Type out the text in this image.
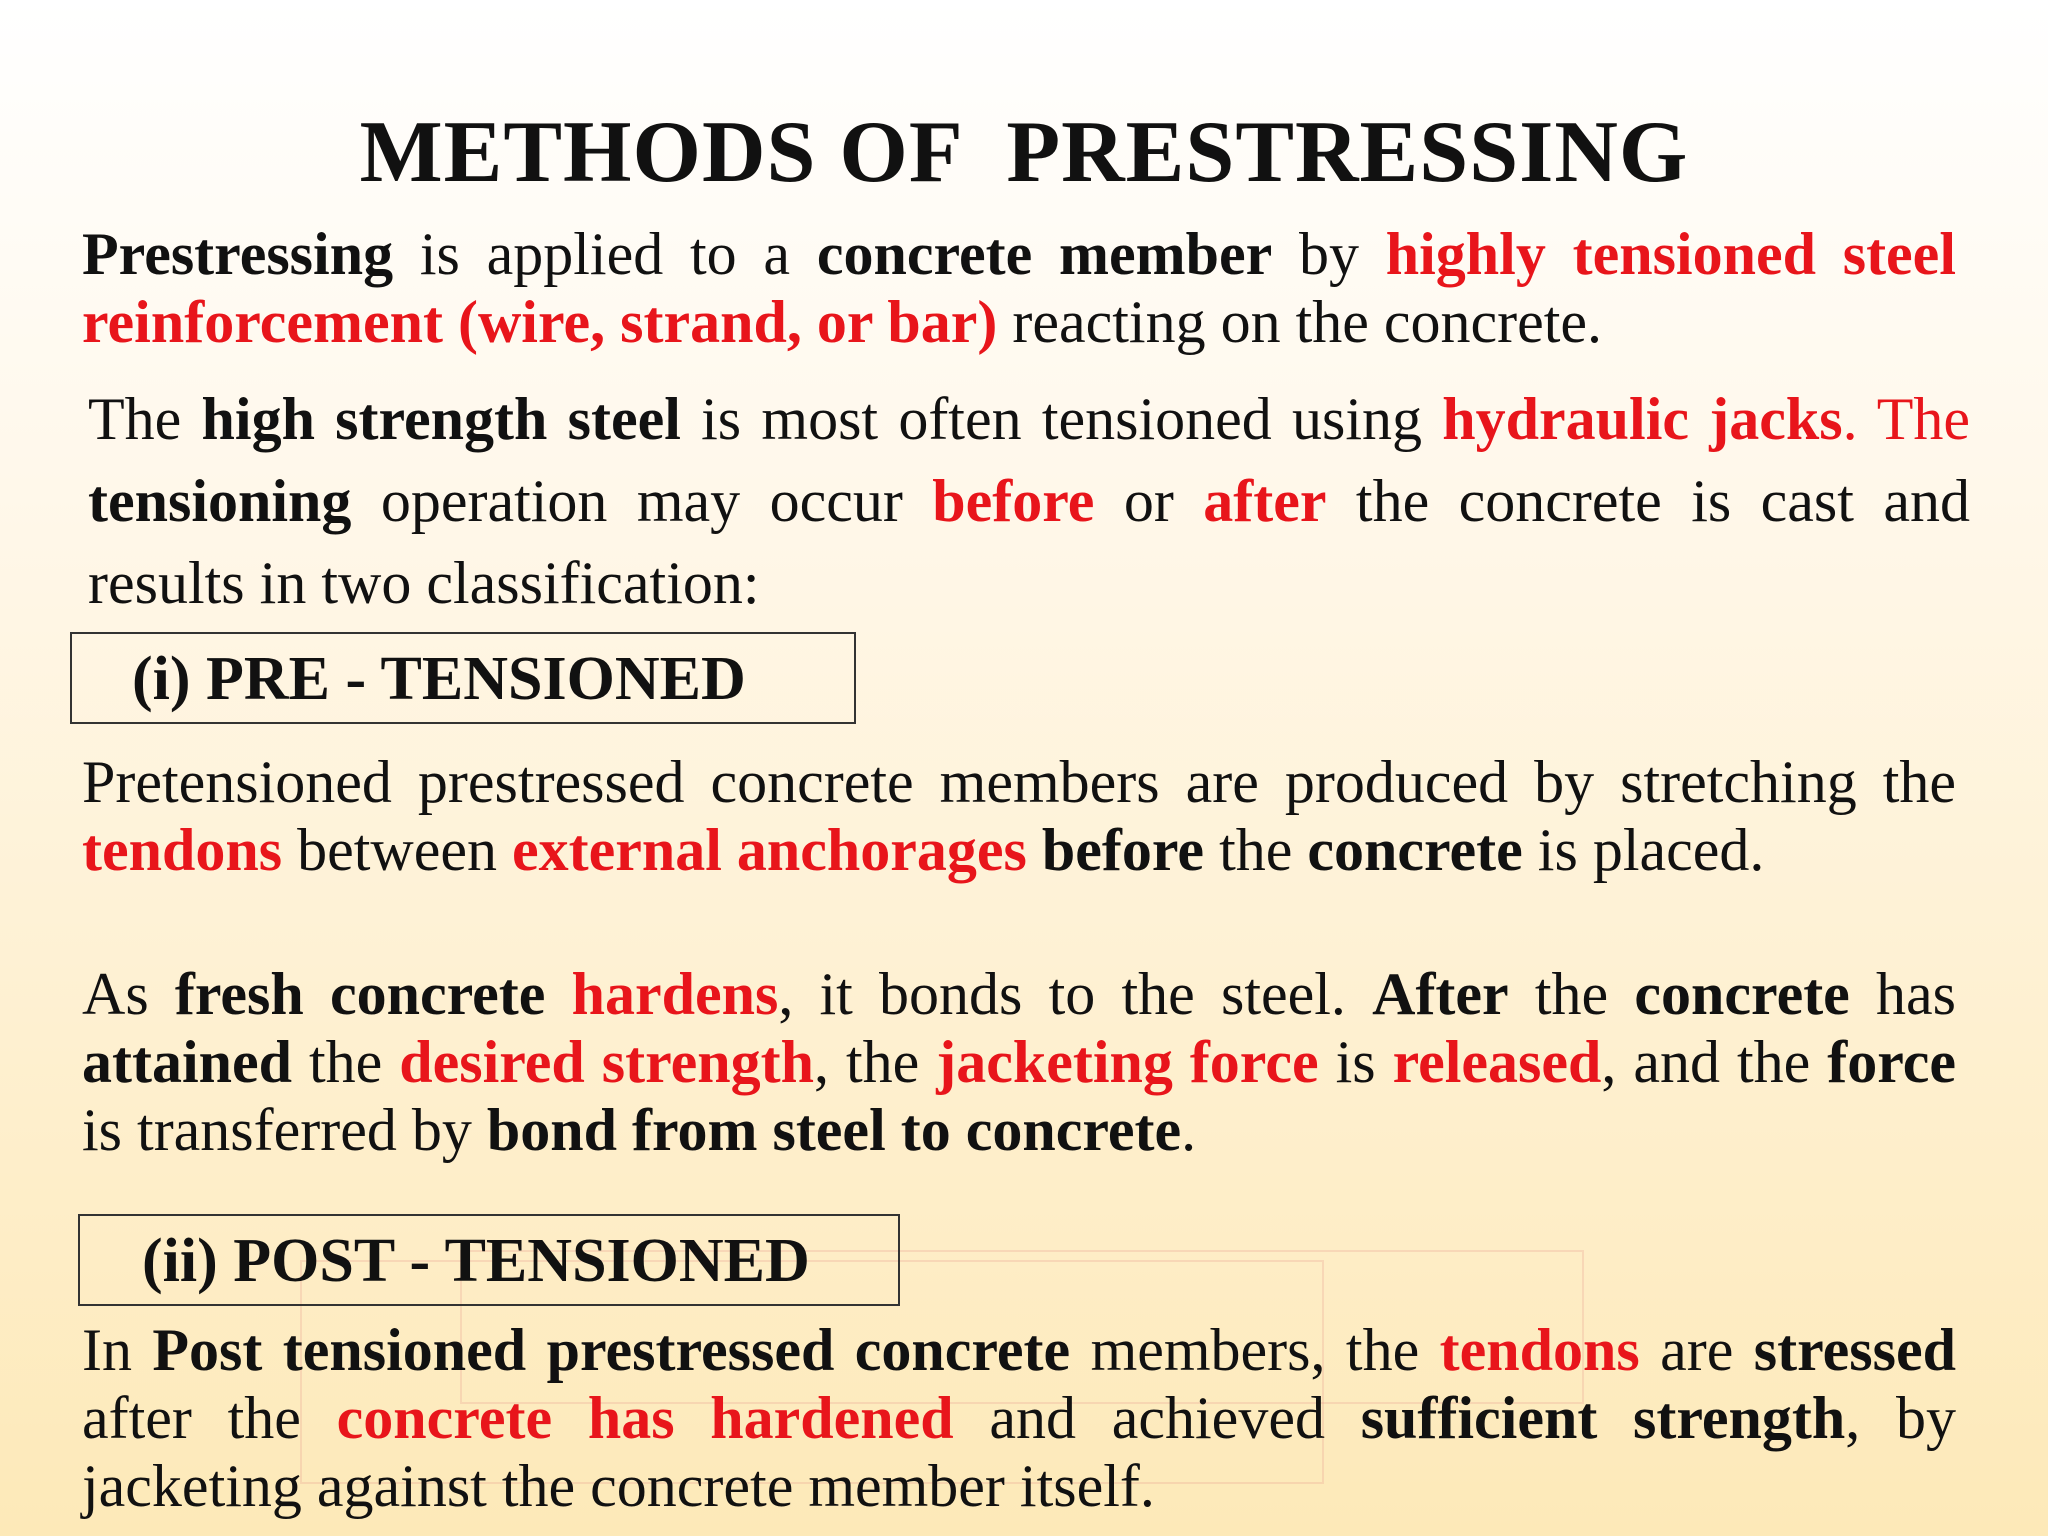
METHODS OF  PRESTRESSING
Prestressing is applied to a concrete member by highly tensioned steel reinforcement (wire, strand, or bar) reacting on the concrete.
The high strength steel is most often tensioned using hydraulic jacks. The tensioning operation may occur before or after the concrete is cast and results in two classification:
(i) PRE - TENSIONED
Pretensioned prestressed concrete members are produced by stretching the tendons between external anchorages before the concrete is placed.
As fresh concrete hardens, it bonds to the steel. After the concrete has attained the desired strength, the jacketing force is released, and the force is transferred by bond from steel to concrete.
(ii) POST - TENSIONED
In Post tensioned prestressed concrete members, the tendons are stressed after the concrete has hardened and achieved sufficient strength, by jacketing against the concrete member itself.
